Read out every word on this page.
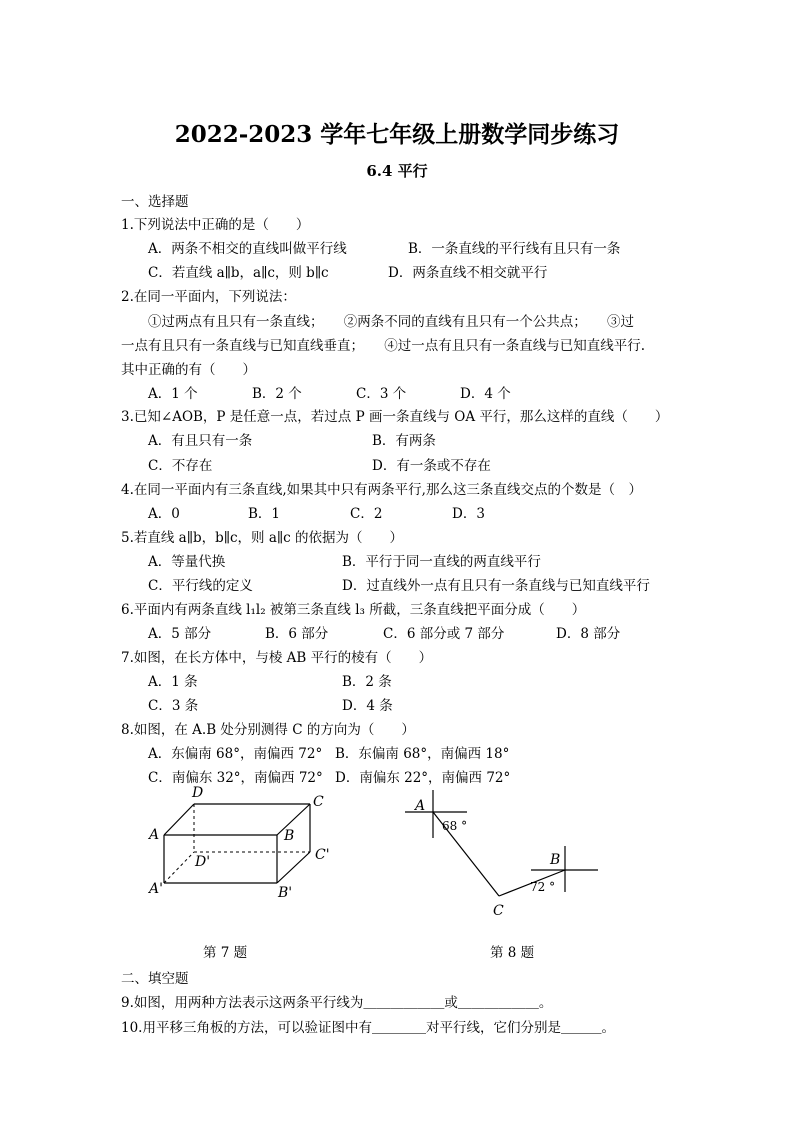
2022-2023 学年七年级上册数学同步练习
6.4 平行
一、选择题
1.下列说法中正确的是（　　）
A．两条不相交的直线叫做平行线	B．一条直线的平行线有且只有一条
C．若直线 a∥b，a∥c，则 b∥c	D．两条直线不相交就平行
2.在同一平面内，下列说法：
①过两点有且只有一条直线；　　②两条不同的直线有且只有一个公共点；　　③过
一点有且只有一条直线与已知直线垂直；　　④过一点有且只有一条直线与已知直线平行.
其中正确的有（　　）
A．1 个	B．2 个	C．3 个	D．4 个
3.已知∠AOB，P 是任意一点，若过点 P 画一条直线与 OA 平行，那么这样的直线（　　）
A．有且只有一条	B．有两条
C．不存在	D．有一条或不存在
4.在同一平面内有三条直线,如果其中只有两条平行,那么这三条直线交点的个数是（　）
A．0	B．1	C．2	D．3
5.若直线 a∥b，b∥c，则 a∥c 的依据为（　　）
A．等量代换	B．平行于同一直线的两直线平行
C．平行线的定义	D．过直线外一点有且只有一条直线与已知直线平行
6.平面内有两条直线 l₁l₂ 被第三条直线 l₃ 所截，三条直线把平面分成（　　）
A．5 部分	B．6 部分	C．6 部分或 7 部分	D．8 部分
7.如图，在长方体中，与棱 AB 平行的棱有（　　）
A．1 条	B．2 条
C．3 条	D．4 条
8.如图，在 A.B 处分别测得 C 的方向为（　　）
A．东偏南 68°，南偏西 72° B．东偏南 68°，南偏西 18°
C．南偏东 32°，南偏西 72° D．南偏东 22°，南偏西 72°
A	B
C
D
A'	B'
C'
D'
第 7 题
A
B
C
68 °
72 °
第 8 题
二、填空题
9.如图，用两种方法表示这两条平行线为＿＿＿＿＿＿或＿＿＿＿＿＿。
10.用平移三角板的方法，可以验证图中有＿＿＿＿对平行线，它们分别是＿＿＿。
